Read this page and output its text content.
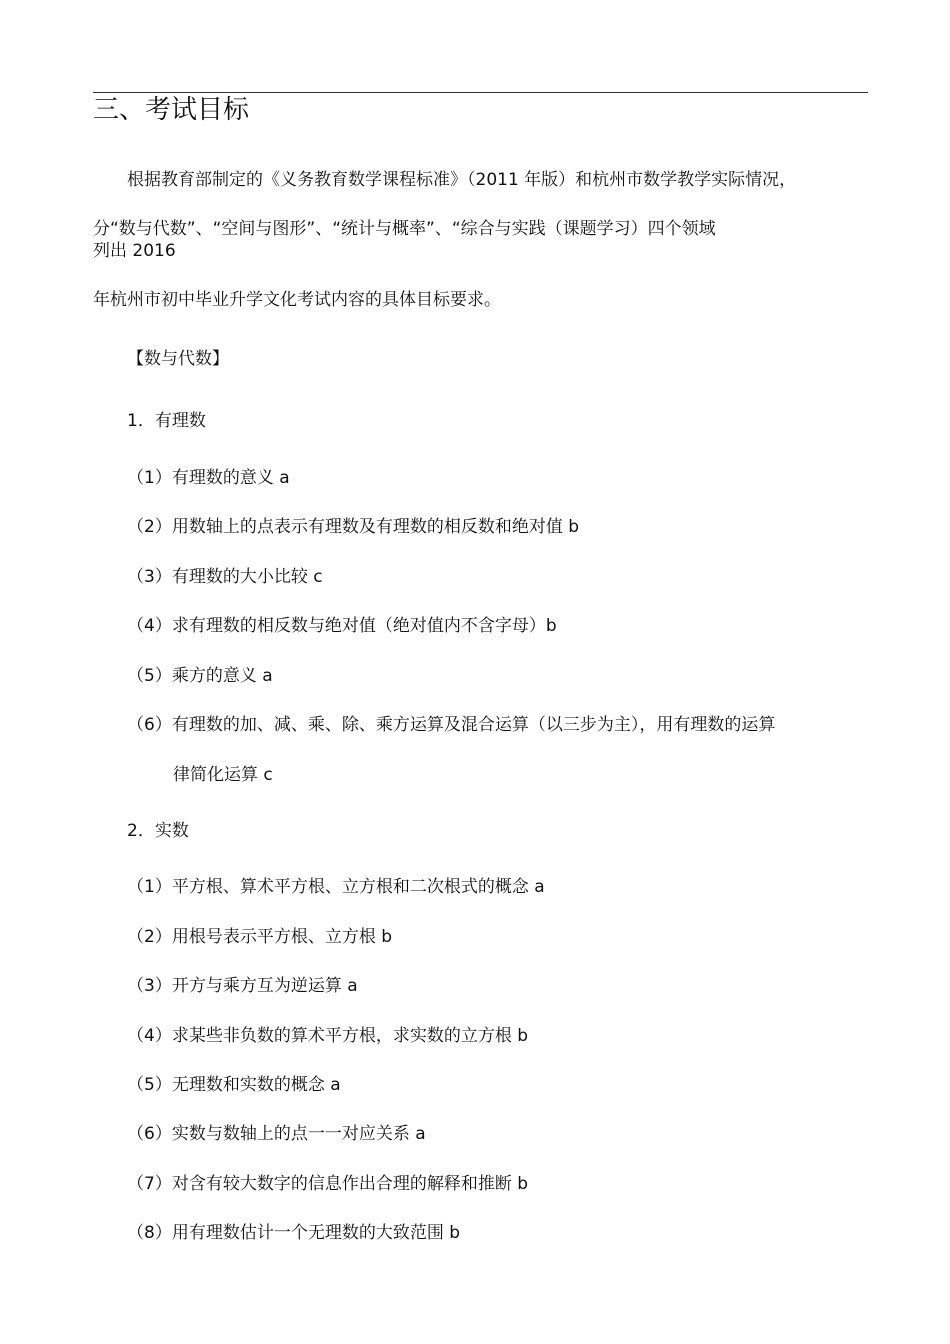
三、考试目标
根据教育部制定的《义务教育数学课程标准》（2011 年版）和杭州市数学教学实际情况，
分“数与代数”、“空间与图形”、“统计与概率”、“综合与实践（课题学习）四个领域
列出 2016
年杭州市初中毕业升学文化考试内容的具体目标要求。
【数与代数】
1．有理数
（1）有理数的意义 a
（2）用数轴上的点表示有理数及有理数的相反数和绝对值 b
（3）有理数的大小比较 c
（4）求有理数的相反数与绝对值（绝对值内不含字母）b
（5）乘方的意义 a
（6）有理数的加、减、乘、除、乘方运算及混合运算（以三步为主），用有理数的运算
律简化运算 c
2．实数
（1）平方根、算术平方根、立方根和二次根式的概念 a
（2）用根号表示平方根、立方根 b
（3）开方与乘方互为逆运算 a
（4）求某些非负数的算术平方根，求实数的立方根 b
（5）无理数和实数的概念 a
（6）实数与数轴上的点一一对应关系 a
（7）对含有较大数字的信息作出合理的解释和推断 b
（8）用有理数估计一个无理数的大致范围 b
